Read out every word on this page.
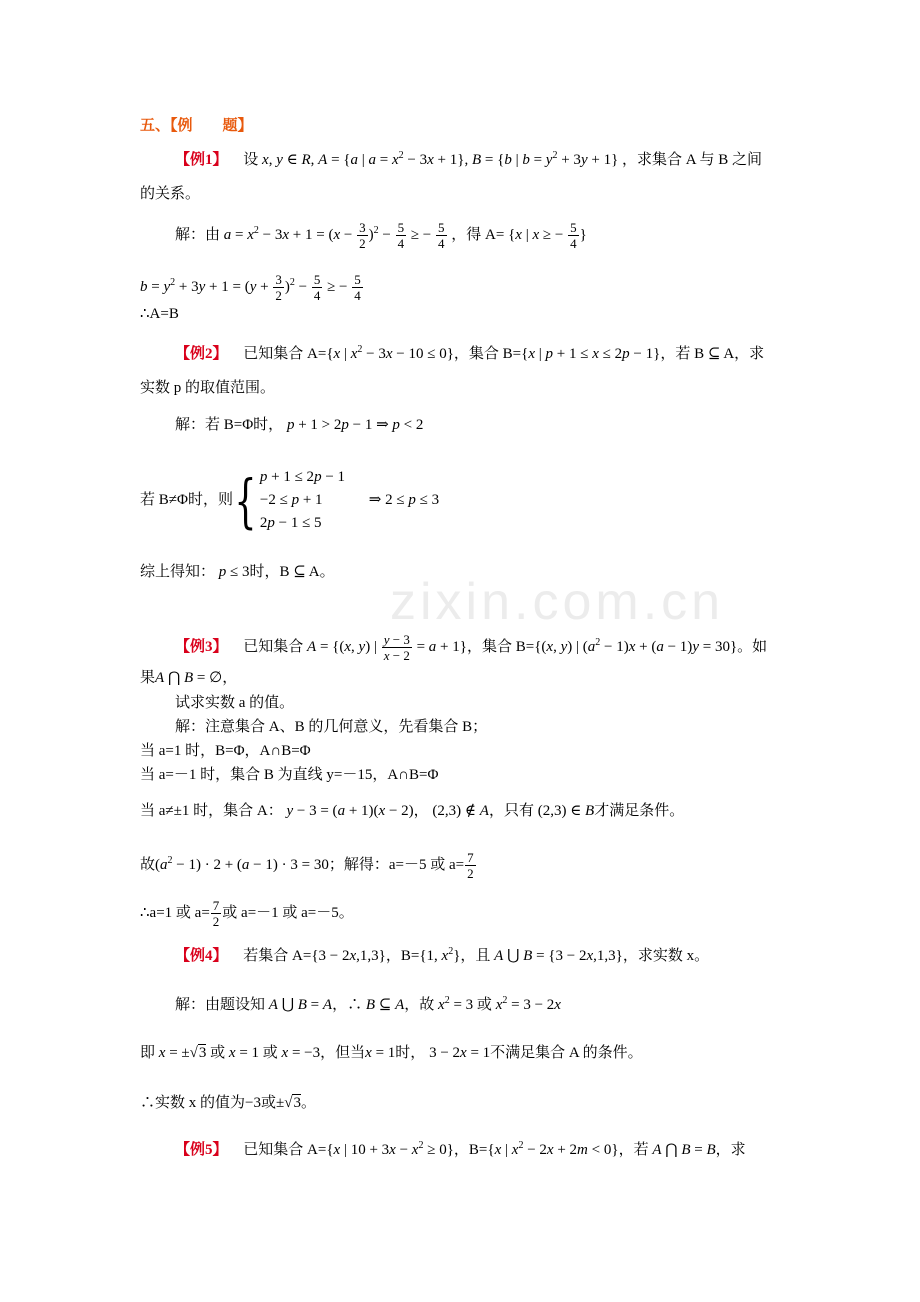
zixin.com.cn
五、【例　　题】
【例1】 设 x, y ∈ R, A = {a | $a = x^2 - 3x + 1$}, B = {b | $b = y^2 + 3y + 1$} ，求集合 A 与 B 之间
的关系。
解：由 $a = x^2 - 3x + 1 = (x - \frac{3}{2} )^2 - \frac{5}{4}$ ≥ − $\frac{5}{4}$ ，得 A= {x | x ≥ − $\frac{5}{4}$ }
$b = y^2 + 3y + 1 = (y + \frac{3}{2} )^2 - \frac{5}{4}$ ≥ − $\frac{5}{4}$
∴A=B
【例2】 已知集合 A={x | $x^2 - 3x - 10 \le 0$}，集合 B={x | p + 1 ≤ x ≤ 2p − 1}，若 B ⊆ A，求
实数 p 的取值范围。
解：若 B=Φ时， p + 1 > 2p − 1 ⇒ p < 2
若 B≠Φ时，则{ p + 1 ≤ 2p − 1
−2 ≤ p + 1
2p − 1 ≤ 5
⇒ 2 ≤ p ≤ 3
综上得知： p ≤ 3时，B ⊆ A。
【例3】 已知集合 A = {(x, y) | $\frac{y - 3}{x - 2} = a + 1$}，集合 B={(x, y) | $(a^2 - 1)x + (a - 1)y = 30$}。如
果A ⋂ B = ∅，
试求实数 a 的值。
解：注意集合 A、B 的几何意义，先看集合 B；
当 a=1 时，B=Φ，A∩B=Φ
当 a=－1 时，集合 B 为直线 y=－15，A∩B=Φ
当 a≠±1 时，集合 A： y − 3 = (a + 1)(x − 2)， (2,3) ∉ A，只有 (2,3) ∈ B才满足条件。
故$(a^2 - 1) \cdot 2 + (a - 1) \cdot 3 = 30$；解得：a=－5 或 $a= \frac{7}{2}$
∴a=1 或 $a= \frac{7}{2}$ 或 a=－1 或 a=－5。
【例4】 若集合 A={3 − 2x,1,3}，B={1, $x^2$}，且 A ⋃ B = {3 − 2x,1,3}，求实数 x。
解：由题设知 A ⋃ B = A，∴ B ⊆ A，故 $x^2 = 3$ 或 $x^2 = 3 - 2x$
即 x = ±√3 或 x = 1 或 x = −3，但当x = 1时， 3 − 2x = 1不满足集合 A 的条件。
∴实数 x 的值为−3或±√3。
【例5】 已知集合 A={x | $10 + 3x - x^2 \ge 0$}，B={x | $x^2 - 2x + 2m < 0$}，若 A ⋂ B = B，求
